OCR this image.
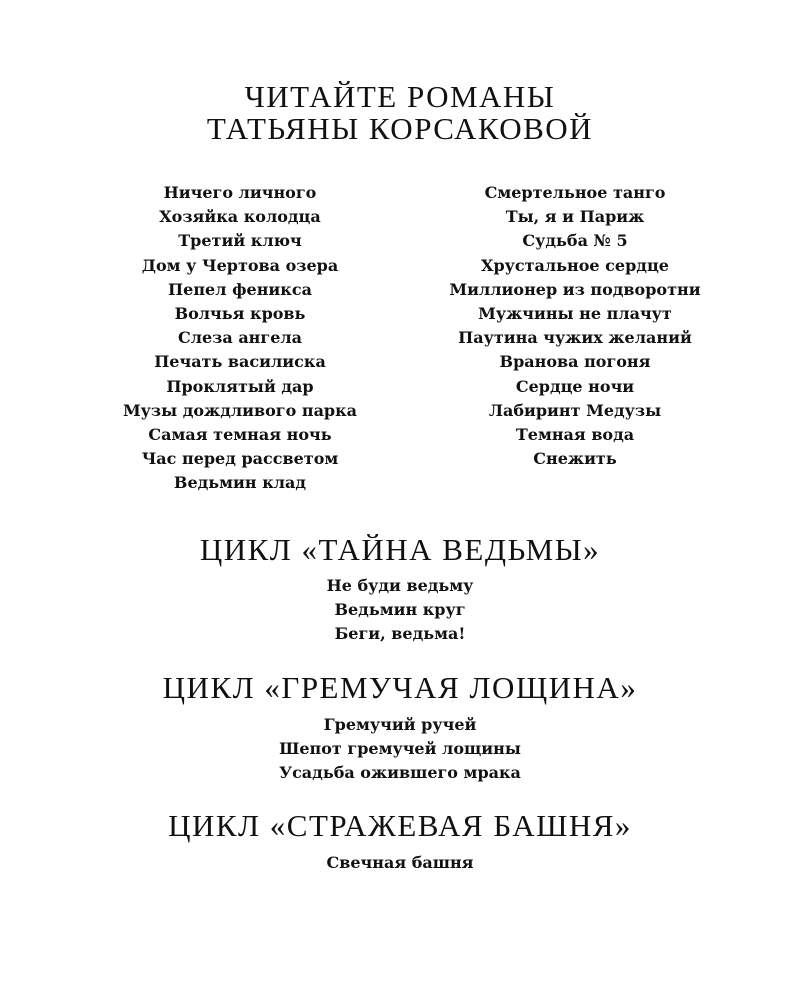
ЧИТАЙТЕ РОМАНЫ
ТАТЬЯНЫ КОРСАКОВОЙ
Ничего личного
Хозяйка колодца
Третий ключ
Дом у Чертова озера
Пепел феникса
Волчья кровь
Слеза ангела
Печать василиска
Проклятый дар
Музы дождливого парка
Самая темная ночь
Час перед рассветом
Ведьмин клад
Смертельное танго
Ты, я и Париж
Судьба № 5
Хрустальное сердце
Миллионер из подворотни
Мужчины не плачут
Паутина чужих желаний
Вранова погоня
Сердце ночи
Лабиринт Медузы
Темная вода
Снежить
ЦИКЛ «ТАЙНА ВЕДЬМЫ»
Не буди ведьму
Ведьмин круг
Беги, ведьма!
ЦИКЛ «ГРЕМУЧАЯ ЛОЩИНА»
Гремучий ручей
Шепот гремучей лощины
Усадьба ожившего мрака
ЦИКЛ «СТРАЖЕВАЯ БАШНЯ»
Свечная башня
